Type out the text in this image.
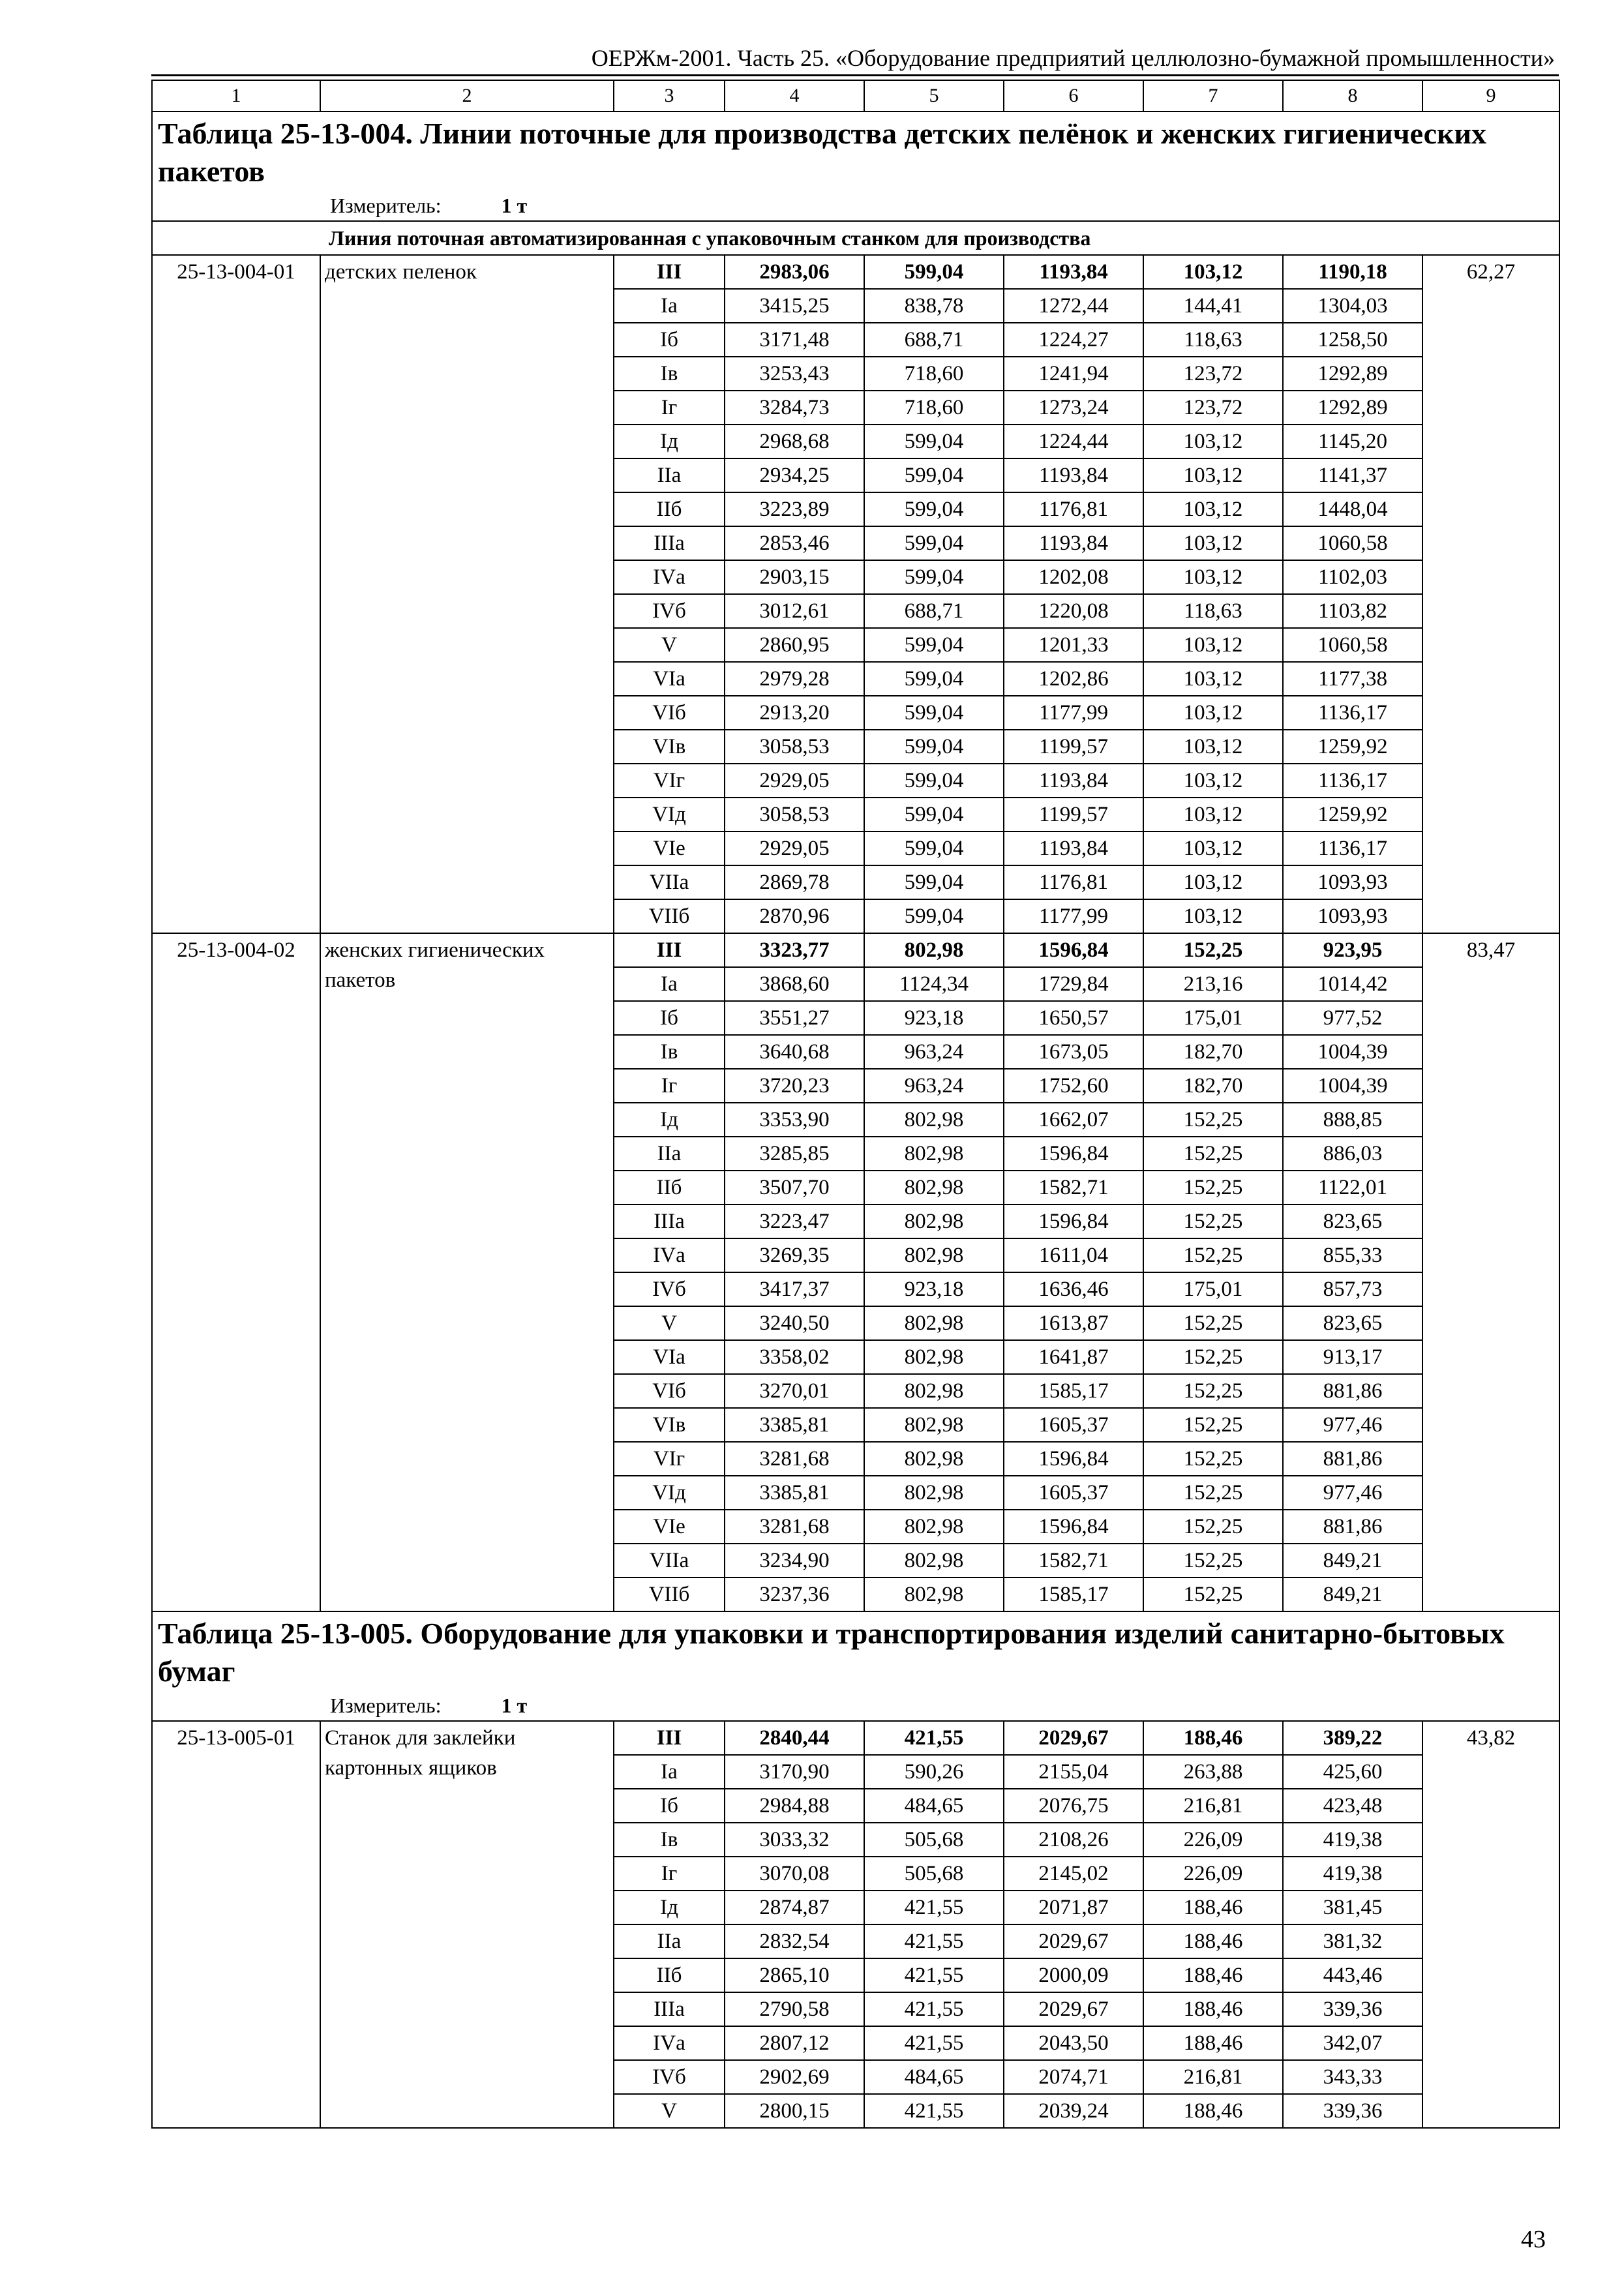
ОЕРЖм-2001. Часть 25. «Оборудование предприятий целлюлозно-бумажной промышленности»
1	2	3	4	5	6	7	8	9

Таблица 25-13-004. Линии поточные для производства детских пелёнок и женских гигиенических пакетов
Измеритель: 1 т								

Линия поточная автоматизированная с упаковочным станком для производства								
25-13-004-01	детских пеленок	III	2983,06	599,04	1193,84	103,12	1190,18	62,27
		Iа	3415,25	838,78	1272,44	144,41	1304,03	
		Iб	3171,48	688,71	1224,27	118,63	1258,50	
		Iв	3253,43	718,60	1241,94	123,72	1292,89	
		Iг	3284,73	718,60	1273,24	123,72	1292,89	
		Iд	2968,68	599,04	1224,44	103,12	1145,20	
		IIа	2934,25	599,04	1193,84	103,12	1141,37	
		IIб	3223,89	599,04	1176,81	103,12	1448,04	
		IIIа	2853,46	599,04	1193,84	103,12	1060,58	
		IVа	2903,15	599,04	1202,08	103,12	1102,03	
		IVб	3012,61	688,71	1220,08	118,63	1103,82	
		V	2860,95	599,04	1201,33	103,12	1060,58	
		VIа	2979,28	599,04	1202,86	103,12	1177,38	
		VIб	2913,20	599,04	1177,99	103,12	1136,17	
		VIв	3058,53	599,04	1199,57	103,12	1259,92	
		VIг	2929,05	599,04	1193,84	103,12	1136,17	
		VIд	3058,53	599,04	1199,57	103,12	1259,92	
		VIе	2929,05	599,04	1193,84	103,12	1136,17	
		VIIа	2869,78	599,04	1176,81	103,12	1093,93	
		VIIб	2870,96	599,04	1177,99	103,12	1093,93	
25-13-004-02	женских гигиенических пакетов	III	3323,77	802,98	1596,84	152,25	923,95	83,47
		Iа	3868,60	1124,34	1729,84	213,16	1014,42	
		Iб	3551,27	923,18	1650,57	175,01	977,52	
		Iв	3640,68	963,24	1673,05	182,70	1004,39	
		Iг	3720,23	963,24	1752,60	182,70	1004,39	
		Iд	3353,90	802,98	1662,07	152,25	888,85	
		IIа	3285,85	802,98	1596,84	152,25	886,03	
		IIб	3507,70	802,98	1582,71	152,25	1122,01	
		IIIа	3223,47	802,98	1596,84	152,25	823,65	
		IVа	3269,35	802,98	1611,04	152,25	855,33	
		IVб	3417,37	923,18	1636,46	175,01	857,73	
		V	3240,50	802,98	1613,87	152,25	823,65	
		VIа	3358,02	802,98	1641,87	152,25	913,17	
		VIб	3270,01	802,98	1585,17	152,25	881,86	
		VIв	3385,81	802,98	1605,37	152,25	977,46	
		VIг	3281,68	802,98	1596,84	152,25	881,86	
		VIд	3385,81	802,98	1605,37	152,25	977,46	
		VIе	3281,68	802,98	1596,84	152,25	881,86	
		VIIа	3234,90	802,98	1582,71	152,25	849,21	
		VIIб	3237,36	802,98	1585,17	152,25	849,21	

Таблица 25-13-005. Оборудование для упаковки и транспортирования изделий санитарно-бытовых бумаг
Измеритель: 1 т								

25-13-005-01	Станок для заклейки картонных ящиков	III	2840,44	421,55	2029,67	188,46	389,22	43,82
		Iа	3170,90	590,26	2155,04	263,88	425,60	
		Iб	2984,88	484,65	2076,75	216,81	423,48	
		Iв	3033,32	505,68	2108,26	226,09	419,38	
		Iг	3070,08	505,68	2145,02	226,09	419,38	
		Iд	2874,87	421,55	2071,87	188,46	381,45	
		IIа	2832,54	421,55	2029,67	188,46	381,32	
		IIб	2865,10	421,55	2000,09	188,46	443,46	
		IIIа	2790,58	421,55	2029,67	188,46	339,36	
		IVа	2807,12	421,55	2043,50	188,46	342,07	
		IVб	2902,69	484,65	2074,71	216,81	343,33	
		V	2800,15	421,55	2039,24	188,46	339,36	
43
